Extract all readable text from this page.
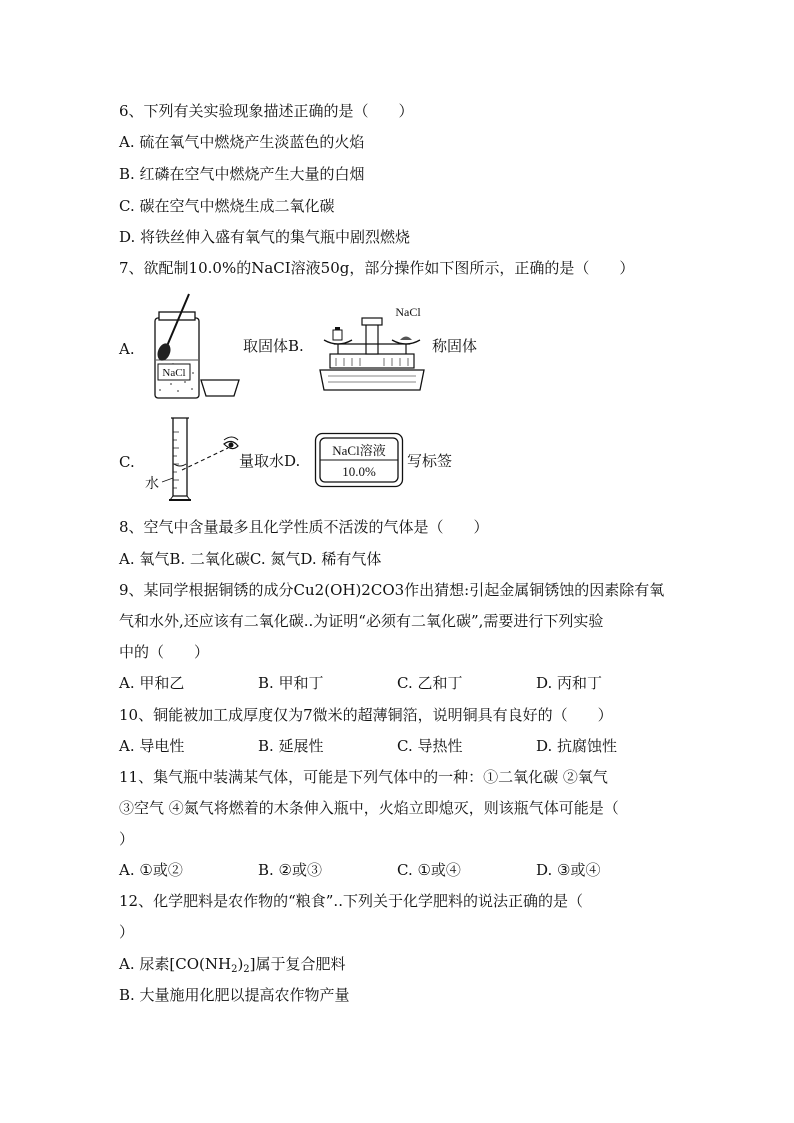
6、下列有关实验现象描述正确的是（　　）
A. 硫在氧气中燃烧产生淡蓝色的火焰
B. 红磷在空气中燃烧产生大量的白烟
C. 碳在空气中燃烧生成二氧化碳
D. 将铁丝伸入盛有氧气的集气瓶中剧烈燃烧
7、欲配制10.0%的NaCI溶液50g，部分操作如下图所示，正确的是（　　）
A.
NaCl
取固体B.
NaCl
称固体
C.
水
量取水D.
NaCl溶液
10.0%
写标签
8、空气中含量最多且化学性质不活泼的气体是（　　）
A. 氧气B. 二氧化碳C. 氮气D. 稀有气体
9、某同学根据铜锈的成分Cu2(OH)2CO3作出猜想:引起金属铜锈蚀的因素除有氧
气和水外,还应该有二氧化碳..为证明“必须有二氧化碳”,需要进行下列实验
中的（　　）
A. 甲和乙	B. 甲和丁	C. 乙和丁	D. 丙和丁
10、铜能被加工成厚度仅为7微米的超薄铜箔，说明铜具有良好的（　　）
A. 导电性	B. 延展性	C. 导热性	D. 抗腐蚀性
11、集气瓶中装满某气体，可能是下列气体中的一种：①二氧化碳 ②氧气
③空气 ④氮气将燃着的木条伸入瓶中，火焰立即熄灭，则该瓶气体可能是（
）
A. ①或②	B. ②或③	C. ①或④	D. ③或④
12、化学肥料是农作物的“粮食”..下列关于化学肥料的说法正确的是（
）
A. 尿素$[CO(NH_2)_2]$属于复合肥料
B. 大量施用化肥以提高农作物产量
